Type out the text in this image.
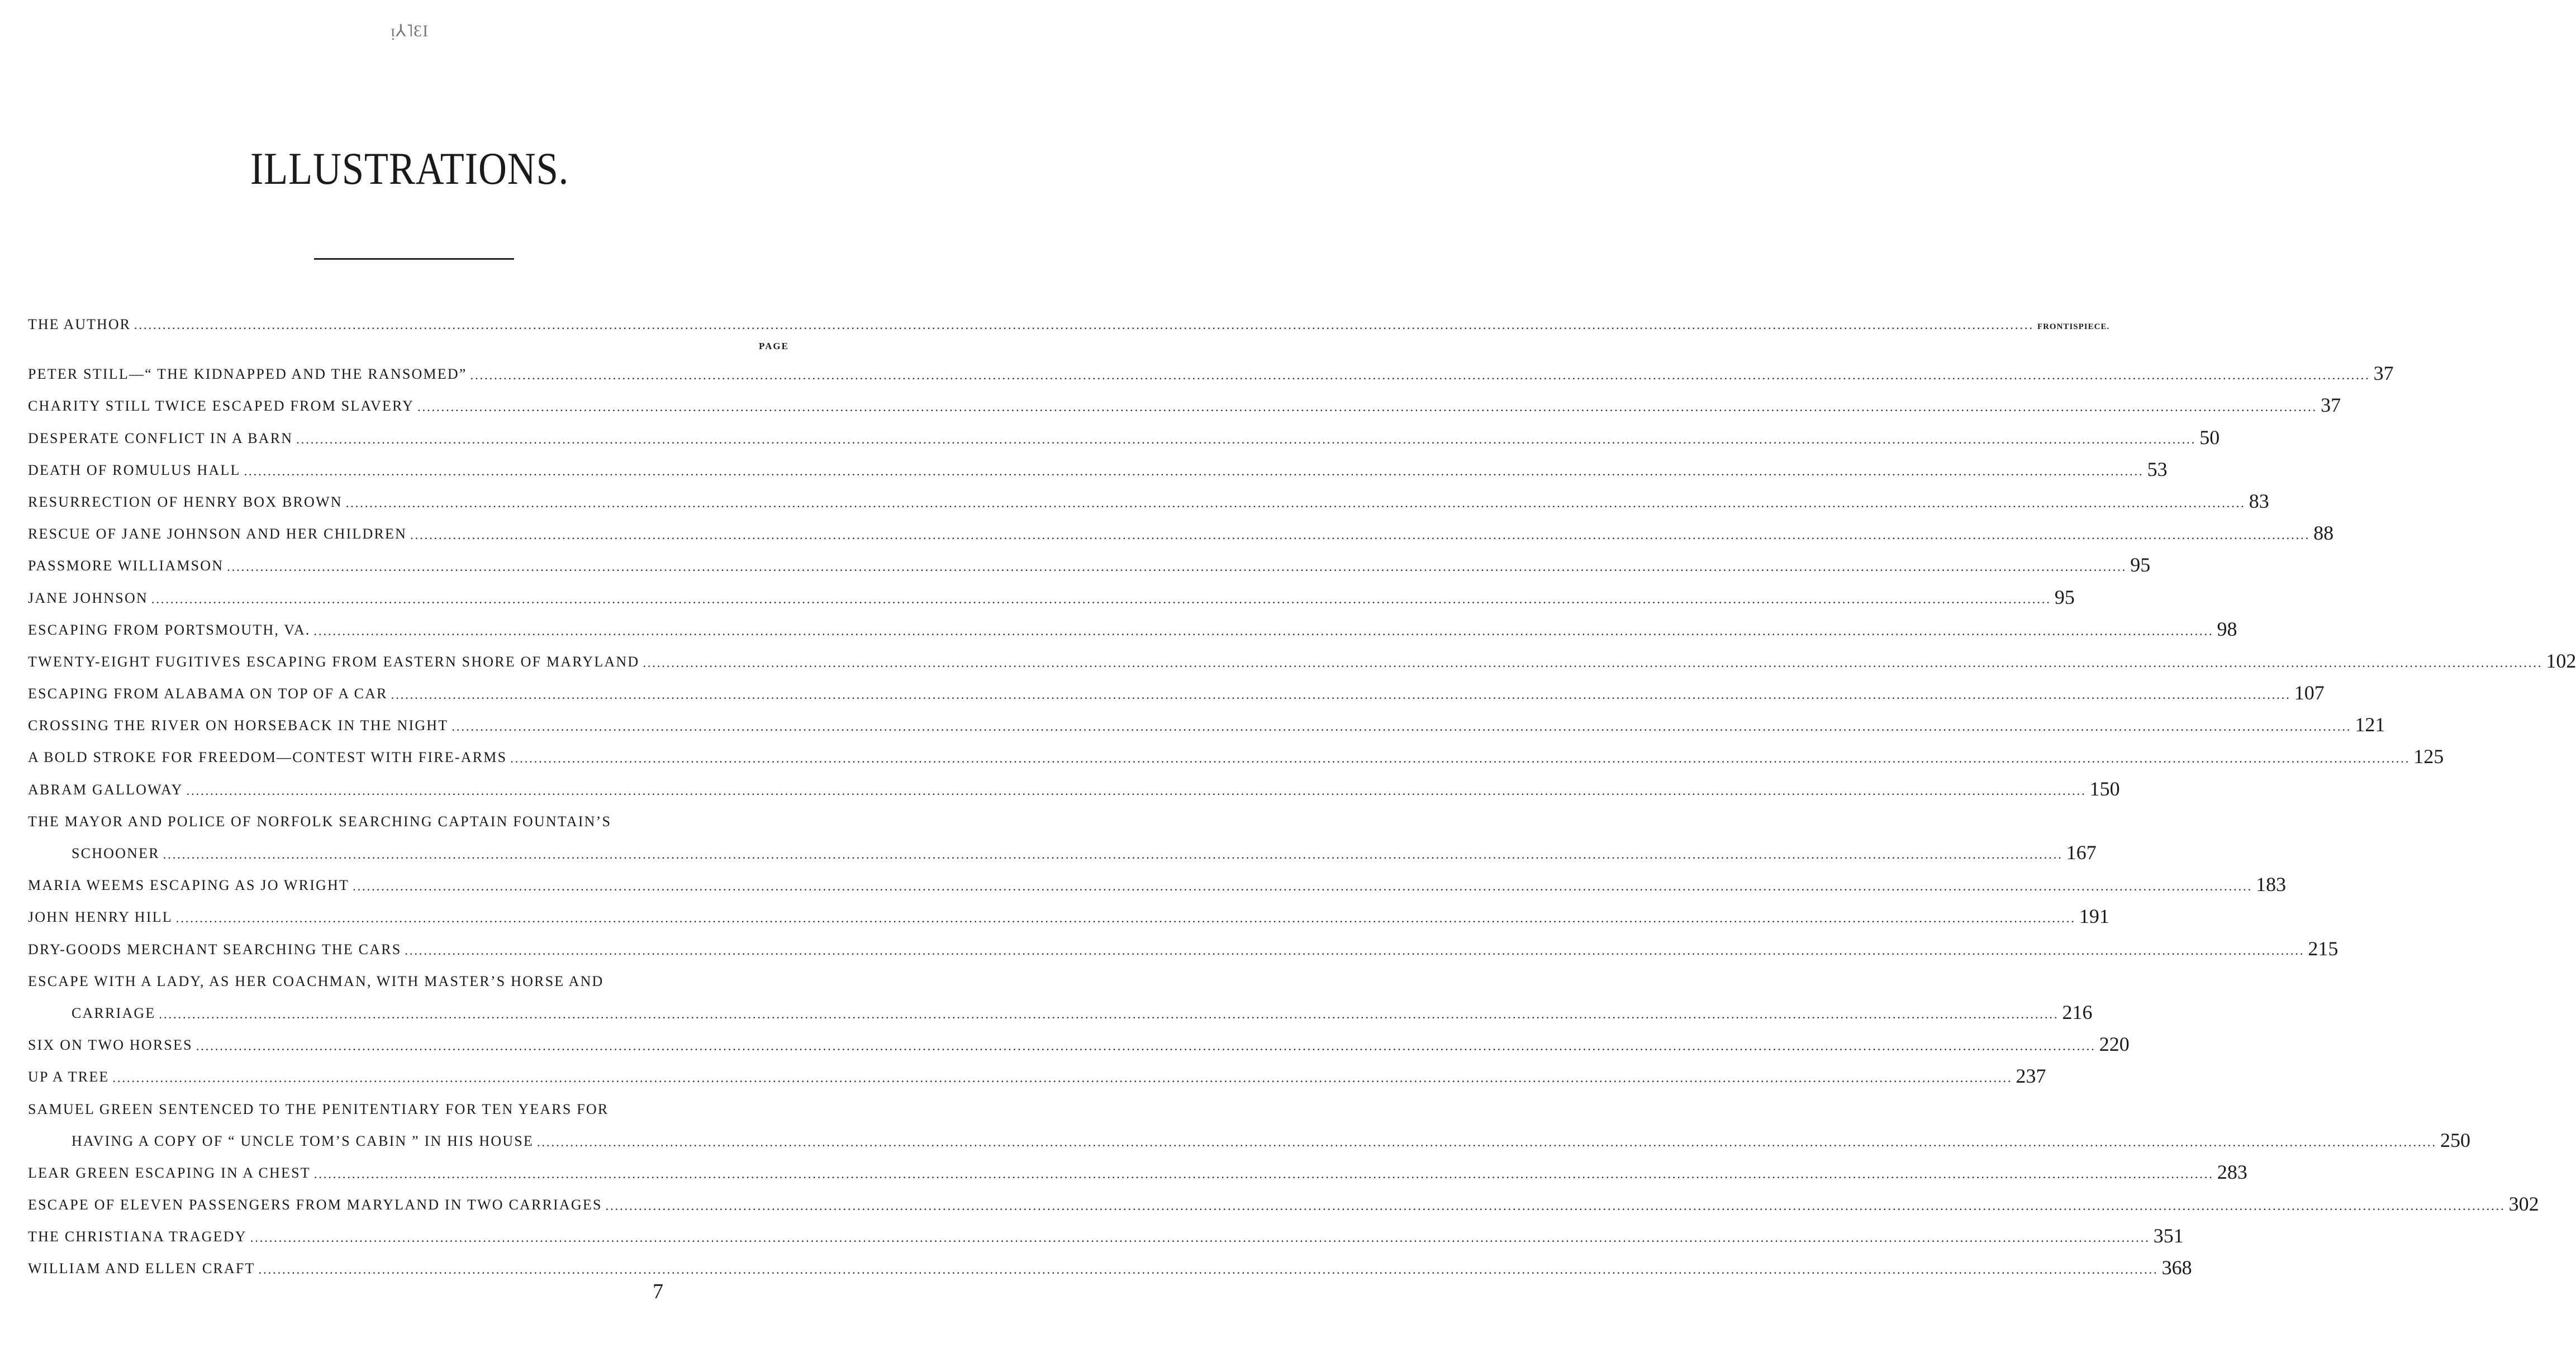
ᴉ⅄˥ƐI
ILLUSTRATIONS.
THE AUTHOR ................................................................................................................................................................................................................................................................................................................................................................................................................ FRONTISPIECE.
PAGE
PETER STILL—“ THE KIDNAPPED AND THE RANSOMED” ................................................................................................................................................................................................................................................................................................................................................................................................................ 37
CHARITY STILL TWICE ESCAPED FROM SLAVERY ................................................................................................................................................................................................................................................................................................................................................................................................................ 37
DESPERATE CONFLICT IN A BARN ................................................................................................................................................................................................................................................................................................................................................................................................................ 50
DEATH OF ROMULUS HALL ................................................................................................................................................................................................................................................................................................................................................................................................................ 53
RESURRECTION OF HENRY BOX BROWN ................................................................................................................................................................................................................................................................................................................................................................................................................ 83
RESCUE OF JANE JOHNSON AND HER CHILDREN ................................................................................................................................................................................................................................................................................................................................................................................................................ 88
PASSMORE WILLIAMSON ................................................................................................................................................................................................................................................................................................................................................................................................................ 95
JANE JOHNSON ................................................................................................................................................................................................................................................................................................................................................................................................................ 95
ESCAPING FROM PORTSMOUTH, VA. ................................................................................................................................................................................................................................................................................................................................................................................................................ 98
TWENTY-EIGHT FUGITIVES ESCAPING FROM EASTERN SHORE OF MARYLAND ................................................................................................................................................................................................................................................................................................................................................................................................................ 102
ESCAPING FROM ALABAMA ON TOP OF A CAR ................................................................................................................................................................................................................................................................................................................................................................................................................ 107
CROSSING THE RIVER ON HORSEBACK IN THE NIGHT ................................................................................................................................................................................................................................................................................................................................................................................................................ 121
A BOLD STROKE FOR FREEDOM—CONTEST WITH FIRE-ARMS ................................................................................................................................................................................................................................................................................................................................................................................................................ 125
ABRAM GALLOWAY ................................................................................................................................................................................................................................................................................................................................................................................................................ 150
THE MAYOR AND POLICE OF NORFOLK SEARCHING CAPTAIN FOUNTAIN’S
SCHOONER ................................................................................................................................................................................................................................................................................................................................................................................................................ 167
MARIA WEEMS ESCAPING AS JO WRIGHT ................................................................................................................................................................................................................................................................................................................................................................................................................ 183
JOHN HENRY HILL ................................................................................................................................................................................................................................................................................................................................................................................................................ 191
DRY-GOODS MERCHANT SEARCHING THE CARS ................................................................................................................................................................................................................................................................................................................................................................................................................ 215
ESCAPE WITH A LADY, AS HER COACHMAN, WITH MASTER’S HORSE AND
CARRIAGE ................................................................................................................................................................................................................................................................................................................................................................................................................ 216
SIX ON TWO HORSES ................................................................................................................................................................................................................................................................................................................................................................................................................ 220
UP A TREE ................................................................................................................................................................................................................................................................................................................................................................................................................ 237
SAMUEL GREEN SENTENCED TO THE PENITENTIARY FOR TEN YEARS FOR
HAVING A COPY OF “ UNCLE TOM’S CABIN ” IN HIS HOUSE ................................................................................................................................................................................................................................................................................................................................................................................................................ 250
LEAR GREEN ESCAPING IN A CHEST ................................................................................................................................................................................................................................................................................................................................................................................................................ 283
ESCAPE OF ELEVEN PASSENGERS FROM MARYLAND IN TWO CARRIAGES ................................................................................................................................................................................................................................................................................................................................................................................................................ 302
THE CHRISTIANA TRAGEDY ................................................................................................................................................................................................................................................................................................................................................................................................................ 351
WILLIAM AND ELLEN CRAFT ................................................................................................................................................................................................................................................................................................................................................................................................................ 368
7
